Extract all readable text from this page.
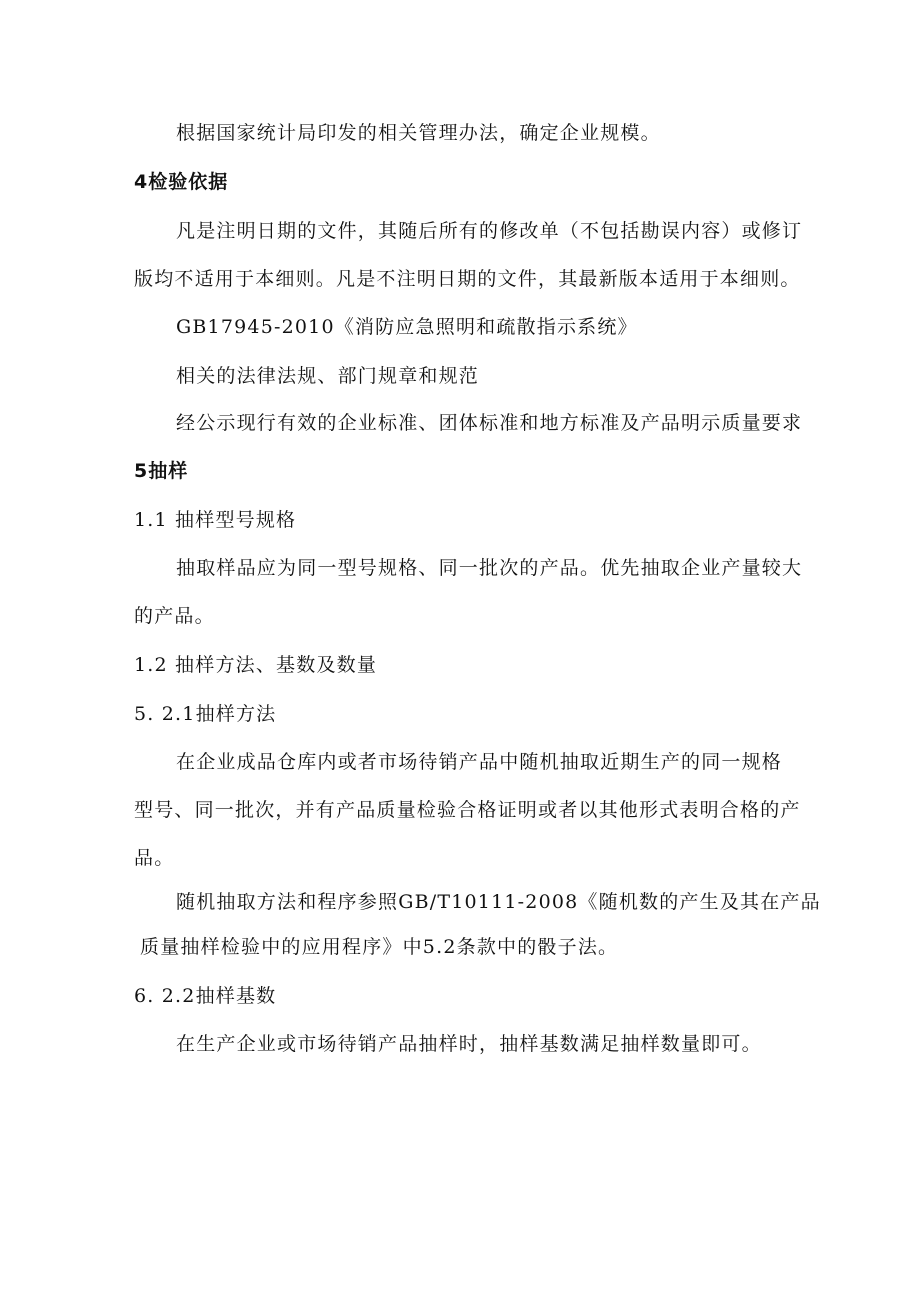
根据国家统计局印发的相关管理办法，确定企业规模。
4检验依据
凡是注明日期的文件，其随后所有的修改单（不包括勘误内容）或修订
版均不适用于本细则。凡是不注明日期的文件，其最新版本适用于本细则。
GB17945-2010《消防应急照明和疏散指示系统》
相关的法律法规、部门规章和规范
经公示现行有效的企业标准、团体标准和地方标准及产品明示质量要求
5抽样
1.1 抽样型号规格
抽取样品应为同一型号规格、同一批次的产品。优先抽取企业产量较大
的产品。
1.2 抽样方法、基数及数量
5. 2.1抽样方法
在企业成品仓库内或者市场待销产品中随机抽取近期生产的同一规格
型号、同一批次，并有产品质量检验合格证明或者以其他形式表明合格的产
品。
随机抽取方法和程序参照GB/T10111-2008《随机数的产生及其在产品
质量抽样检验中的应用程序》中5.2条款中的骰子法。
6. 2.2抽样基数
在生产企业或市场待销产品抽样时，抽样基数满足抽样数量即可。
